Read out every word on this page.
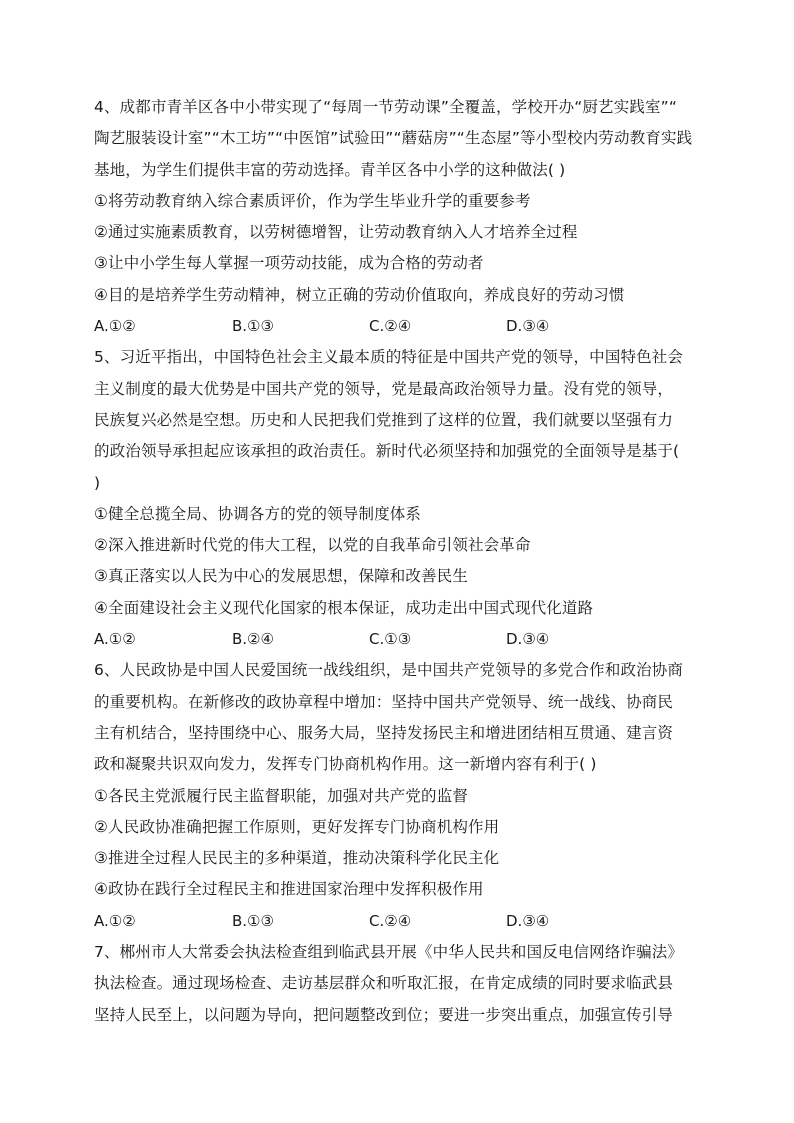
4、成都市青羊区各中小带实现了“每周一节劳动课”全覆盖，学校开办“厨艺实践室”“
陶艺服装设计室”“木工坊”“中医馆”试验田”“蘑菇房”“生态屋”等小型校内劳动教育实践
基地，为学生们提供丰富的劳动选择。青羊区各中小学的这种做法( )
①将劳动教育纳入综合素质评价，作为学生毕业升学的重要参考
②通过实施素质教育，以劳树德增智，让劳动教育纳入人才培养全过程
③让中小学生每人掌握一项劳动技能，成为合格的劳动者
④目的是培养学生劳动精神，树立正确的劳动价值取向，养成良好的劳动习惯
A.①②	B.①③	C.②④	D.③④
5、习近平指出，中国特色社会主义最本质的特征是中国共产党的领导，中国特色社会
主义制度的最大优势是中国共产党的领导，党是最高政治领导力量。没有党的领导，
民族复兴必然是空想。历史和人民把我们党推到了这样的位置，我们就要以坚强有力
的政治领导承担起应该承担的政治责任。新时代必须坚持和加强党的全面领导是基于(
)
①健全总揽全局、协调各方的党的领导制度体系
②深入推进新时代党的伟大工程，以党的自我革命引领社会革命
③真正落实以人民为中心的发展思想，保障和改善民生
④全面建设社会主义现代化国家的根本保证，成功走出中国式现代化道路
A.①②	B.②④	C.①③	D.③④
6、人民政协是中国人民爱国统一战线组织，是中国共产党领导的多党合作和政治协商
的重要机构。在新修改的政协章程中增加：坚持中国共产党领导、统一战线、协商民
主有机结合，坚持围绕中心、服务大局，坚持发扬民主和增进团结相互贯通、建言资
政和凝聚共识双向发力，发挥专门协商机构作用。这一新增内容有利于( )
①各民主党派履行民主监督职能，加强对共产党的监督
②人民政协准确把握工作原则，更好发挥专门协商机构作用
③推进全过程人民民主的多种渠道，推动决策科学化民主化
④政协在践行全过程民主和推进国家治理中发挥积极作用
A.①②	B.①③	C.②④	D.③④
7、郴州市人大常委会执法检查组到临武县开展《中华人民共和国反电信网络诈骗法》
执法检查。通过现场检查、走访基层群众和听取汇报，在肯定成绩的同时要求临武县
坚持人民至上，以问题为导向，把问题整改到位；要进一步突出重点，加强宣传引导
